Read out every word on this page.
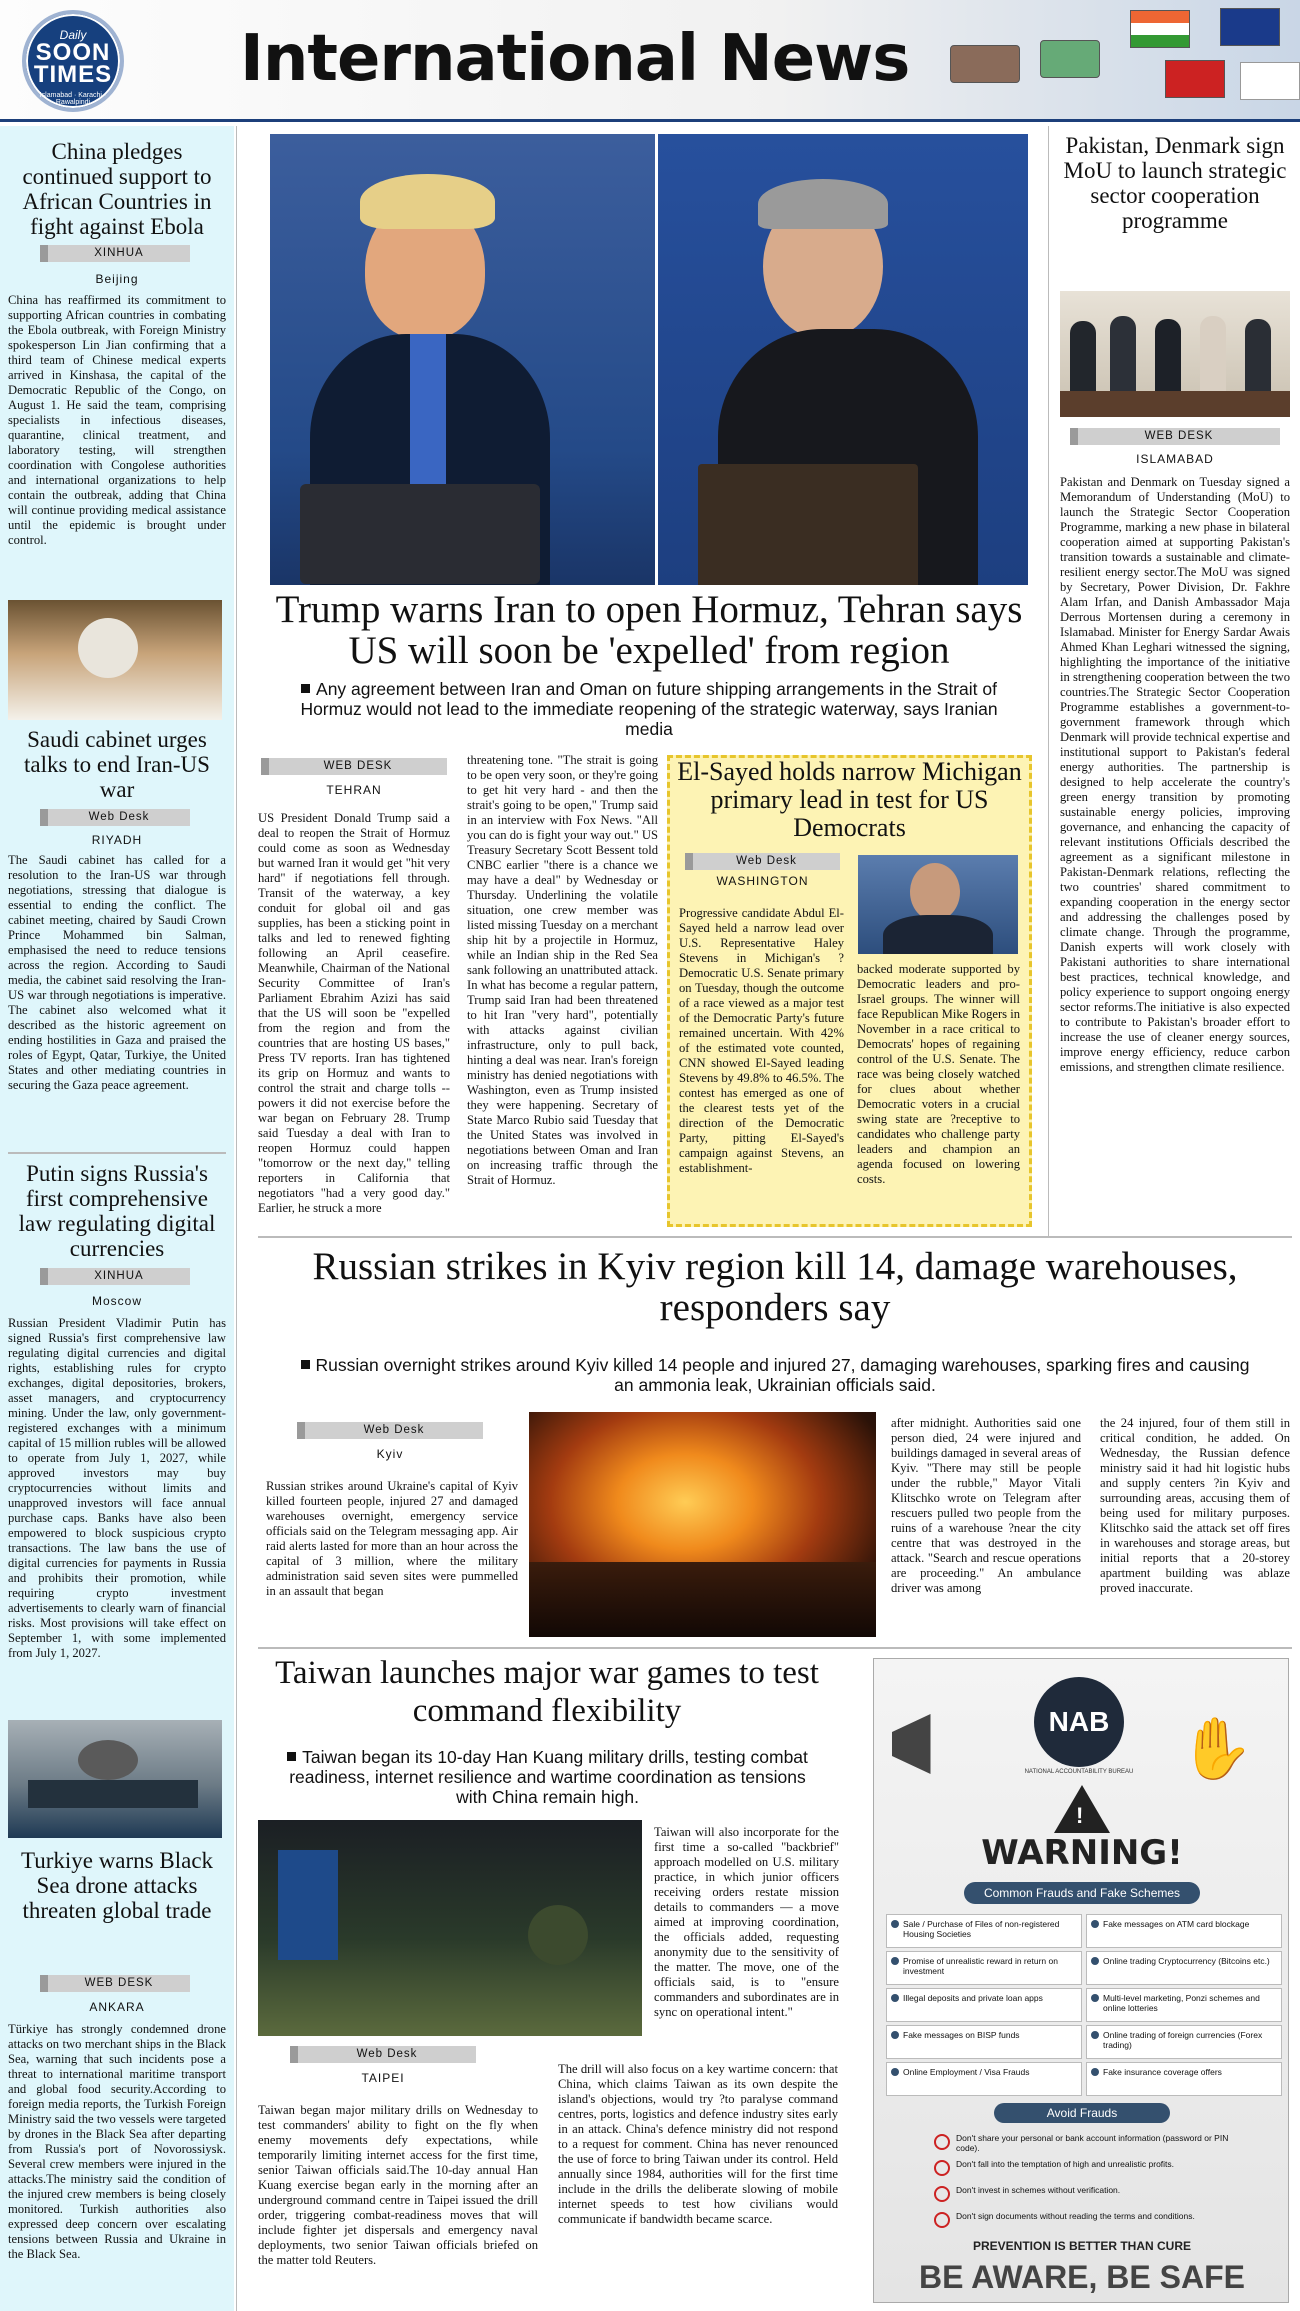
Daily
SOON TIMES
Islamabad · Karachi · Rawalpindi
International News
China pledges continued support to African Countries in fight against Ebola
XINHUA
Beijing
China has reaffirmed its commitment to supporting African countries in combating the Ebola outbreak, with Foreign Ministry spokesperson Lin Jian confirming that a third team of Chinese medical experts arrived in Kinshasa, the capital of the Democratic Republic of the Congo, on August 1. He said the team, comprising specialists in infectious diseases, quarantine, clinical treatment, and laboratory testing, will strengthen coordination with Congolese authorities and international organizations to help contain the outbreak, adding that China will continue providing medical assistance until the epidemic is brought under control.
Saudi cabinet urges talks to end Iran-US war
Web Desk
RIYADH
The Saudi cabinet has called for a resolution to the Iran-US war through negotiations, stressing that dialogue is essential to ending the conflict. The cabinet meeting, chaired by Saudi Crown Prince Mohammed bin Salman, emphasised the need to reduce tensions across the region. According to Saudi media, the cabinet said resolving the Iran-US war through negotiations is imperative. The cabinet also welcomed what it described as the historic agreement on ending hostilities in Gaza and praised the roles of Egypt, Qatar, Turkiye, the United States and other mediating countries in securing the Gaza peace agreement.
Putin signs Russia's first comprehensive law regulating digital currencies
XINHUA
Moscow
Russian President Vladimir Putin has signed Russia's first comprehensive law regulating digital currencies and digital rights, establishing rules for crypto exchanges, digital depositories, brokers, asset managers, and cryptocurrency mining. Under the law, only government-registered exchanges with a minimum capital of 15 million rubles will be allowed to operate from July 1, 2027, while approved investors may buy cryptocurrencies without limits and unapproved investors will face annual purchase caps. Banks have also been empowered to block suspicious crypto transactions. The law bans the use of digital currencies for payments in Russia and prohibits their promotion, while requiring crypto investment advertisements to clearly warn of financial risks. Most provisions will take effect on September 1, with some implemented from July 1, 2027.
Turkiye warns Black Sea drone attacks threaten global trade
WEB DESK
ANKARA
Türkiye has strongly condemned drone attacks on two merchant ships in the Black Sea, warning that such incidents pose a threat to international maritime transport and global food security.According to foreign media reports, the Turkish Foreign Ministry said the two vessels were targeted by drones in the Black Sea after departing from Russia's port of Novorossiysk. Several crew members were injured in the attacks.The ministry said the condition of the injured crew members is being closely monitored. Turkish authorities also expressed deep concern over escalating tensions between Russia and Ukraine in the Black Sea.
Trump warns Iran to open Hormuz, Tehran says US will soon be 'expelled' from region
Any agreement between Iran and Oman on future shipping arrangements in the Strait of Hormuz would not lead to the immediate reopening of the strategic waterway, says Iranian media
WEB DESK
TEHRAN
US President Donald Trump said a deal to reopen the Strait of Hormuz could come as soon as Wednesday but warned Iran it would get "hit very hard" if negotiations fell through. Transit of the waterway, a key conduit for global oil and gas supplies, has been a sticking point in talks and led to renewed fighting following an April ceasefire. Meanwhile, Chairman of the National Security Committee of Iran's Parliament Ebrahim Azizi has said that the US will soon be "expelled from the region and from the countries that are hosting US bases," Press TV reports. Iran has tightened its grip on Hormuz and wants to control the strait and charge tolls -- powers it did not exercise before the war began on February 28. Trump said Tuesday a deal with Iran to reopen Hormuz could happen "tomorrow or the next day," telling reporters in California that negotiators "had a very good day." Earlier, he struck a more
threatening tone. "The strait is going to be open very soon, or they're going to get hit very hard - and then the strait's going to be open," Trump said in an interview with Fox News. "All you can do is fight your way out." US Treasury Secretary Scott Bessent told CNBC earlier "there is a chance we may have a deal" by Wednesday or Thursday. Underlining the volatile situation, one crew member was listed missing Tuesday on a merchant ship hit by a projectile in Hormuz, while an Indian ship in the Red Sea sank following an unattributed attack. In what has become a regular pattern, Trump said Iran had been threatened to hit Iran "very hard", potentially with attacks against civilian infrastructure, only to pull back, hinting a deal was near. Iran's foreign ministry has denied negotiations with Washington, even as Trump insisted they were happening. Secretary of State Marco Rubio said Tuesday that the United States was involved in negotiations between Oman and Iran on increasing traffic through the Strait of Hormuz.
El-Sayed holds narrow Michigan primary lead in test for US Democrats
Web Desk
WASHINGTON
Progressive candidate Abdul El-Sayed held a narrow lead over U.S. Representative Haley Stevens in Michigan's ?Democratic U.S. Senate primary on Tuesday, though the outcome of a race viewed as a major test of the Democratic Party's future remained uncertain. With 42% of the estimated vote counted, CNN showed El-Sayed leading Stevens by 49.8% to 46.5%. The contest has emerged as one of the clearest tests yet of the direction of the Democratic Party, pitting El-Sayed's campaign against Stevens, an establishment-
backed moderate supported by Democratic leaders and pro-Israel groups. The winner will face Republican Mike Rogers in November in a race critical to Democrats' hopes of regaining control of the U.S. Senate. The race was being closely watched for clues about whether Democratic voters in a crucial swing state are ?receptive to candidates who challenge party leaders and champion an agenda focused on lowering costs.
Pakistan, Denmark sign MoU to launch strategic sector cooperation programme
WEB DESK
ISLAMABAD
Pakistan and Denmark on Tuesday signed a Memorandum of Understanding (MoU) to launch the Strategic Sector Cooperation Programme, marking a new phase in bilateral cooperation aimed at supporting Pakistan's transition towards a sustainable and climate-resilient energy sector.The MoU was signed by Secretary, Power Division, Dr. Fakhre Alam Irfan, and Danish Ambassador Maja Derrous Mortensen during a ceremony in Islamabad. Minister for Energy Sardar Awais Ahmed Khan Leghari witnessed the signing, highlighting the importance of the initiative in strengthening cooperation between the two countries.The Strategic Sector Cooperation Programme establishes a government-to-government framework through which Denmark will provide technical expertise and institutional support to Pakistan's federal energy authorities. The partnership is designed to help accelerate the country's green energy transition by promoting sustainable energy policies, improving governance, and enhancing the capacity of relevant institutions Officials described the agreement as a significant milestone in Pakistan-Denmark relations, reflecting the two countries' shared commitment to expanding cooperation in the energy sector and addressing the challenges posed by climate change. Through the programme, Danish experts will work closely with Pakistani authorities to share international best practices, technical knowledge, and policy experience to support ongoing energy sector reforms.The initiative is also expected to contribute to Pakistan's broader effort to increase the use of cleaner energy sources, improve energy efficiency, reduce carbon emissions, and strengthen climate resilience.
Russian strikes in Kyiv region kill 14, damage warehouses, responders say
Russian overnight strikes around Kyiv killed 14 people and injured 27, damaging warehouses, sparking fires and causing an ammonia leak, Ukrainian officials said.
Web Desk
Kyiv
Russian strikes around Ukraine's capital of Kyiv killed fourteen people, injured 27 and damaged warehouses overnight, emergency service officials said on the Telegram messaging app. Air raid alerts lasted for more than an hour across the capital of 3 million, where the military administration said seven sites were pummelled in an assault that began
after midnight. Authorities said one person died, 24 were injured and buildings damaged in several areas of Kyiv. "There may still be people under the rubble," Mayor Vitali Klitschko wrote on Telegram after rescuers pulled two people from the ruins of a warehouse ?near the city centre that was destroyed in the attack. "Search and rescue operations are proceeding." An ambulance driver was among
the 24 injured, four of them still in critical condition, he added. On Wednesday, the Russian defence ministry said it had hit logistic hubs and supply centers ?in Kyiv and surrounding areas, accusing them of being used for military purposes. Klitschko said the attack set off fires in warehouses and storage areas, but initial reports that a 20-storey apartment building was ablaze proved inaccurate.
Taiwan launches major war games to test command flexibility
Taiwan began its 10-day Han Kuang military drills, testing combat readiness, internet resilience and wartime coordination as tensions with China remain high.
Web Desk
TAIPEI
Taiwan began major military drills on Wednesday to test commanders' ability to fight on the fly when enemy movements defy expectations, while temporarily limiting internet access for the first time, senior Taiwan officials said.The 10-day annual Han Kuang exercise began early in the morning after an underground command centre in Taipei issued the drill order, triggering combat-readiness moves that will include fighter jet dispersals and emergency naval deployments, two senior Taiwan officials briefed on the matter told Reuters.
Taiwan will also incorporate for the first time a so-called "backbrief" approach modelled on U.S. military practice, in which junior officers receiving orders restate mission details to commanders — a move aimed at improving coordination, the officials added, requesting anonymity due to the sensitivity of the matter. The move, one of the officials said, is to "ensure commanders and subordinates are in sync on operational intent."
The drill will also focus on a key wartime concern: that China, which claims Taiwan as its own despite the island's objections, would try ?to paralyse command centres, ports, logistics and defence industry sites early in an attack. China's defence ministry did not respond to a request for comment. China has never renounced the use of force to bring Taiwan under its control. Held annually since 1984, authorities will for the first time include in the drills the deliberate slowing of mobile internet speeds to test how civilians would communicate if bandwidth became scarce.
NAB
NATIONAL ACCOUNTABILITY BUREAU ✋
!
WARNING!
Common Frauds and Fake Schemes
Sale / Purchase of Files of non-registered Housing Societies
Promise of unrealistic reward in return on investment
Illegal deposits and private loan apps
Fake messages on BISP funds
Online Employment / Visa Frauds
Fake messages on ATM card blockage
Online trading Cryptocurrency (Bitcoins etc.)
Multi-level marketing, Ponzi schemes and online lotteries
Online trading of foreign currencies (Forex trading)
Fake insurance coverage offers
Avoid Frauds
Don't share your personal or bank account information (password or PIN code).
Don't fall into the temptation of high and unrealistic profits.
Don't invest in schemes without verification.
Don't sign documents without reading the terms and conditions.
PREVENTION IS BETTER THAN CURE
BE AWARE, BE SAFE
